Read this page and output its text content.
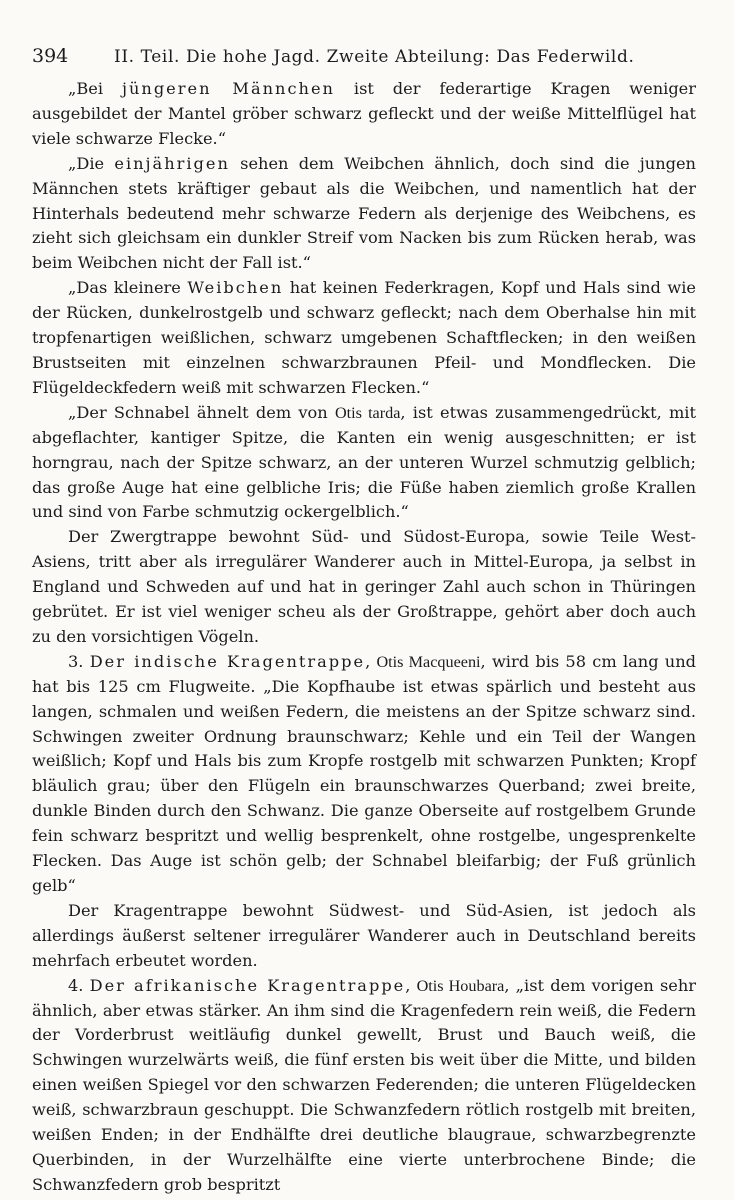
394	II. Teil. Die hohe Jagd. Zweite Abteilung: Das Federwild.

„Bei jüngeren Männchen ist der federartige Kragen weniger ausgebildet der Mantel gröber schwarz gefleckt und der weiße Mittelflügel hat viele schwarze Flecke.“

„Die einjährigen sehen dem Weibchen ähnlich, doch sind die jungen Männchen stets kräftiger gebaut als die Weibchen, und namentlich hat der Hinterhals bedeutend mehr schwarze Federn als derjenige des Weibchens, es zieht sich gleichsam ein dunkler Streif vom Nacken bis zum Rücken herab, was beim Weibchen nicht der Fall ist.“

„Das kleinere Weibchen hat keinen Federkragen, Kopf und Hals sind wie der Rücken, dunkelrostgelb und schwarz gefleckt; nach dem Oberhalse hin mit tropfenartigen weißlichen, schwarz umgebenen Schaftflecken; in den weißen Brustseiten mit einzelnen schwarzbraunen Pfeil- und Mondflecken. Die Flügeldeckfedern weiß mit schwarzen Flecken.“

„Der Schnabel ähnelt dem von Otis tarda, ist etwas zusammengedrückt, mit abgeflachter, kantiger Spitze, die Kanten ein wenig ausgeschnitten; er ist horngrau, nach der Spitze schwarz, an der unteren Wurzel schmutzig gelblich; das große Auge hat eine gelbliche Iris; die Füße haben ziemlich große Krallen und sind von Farbe schmutzig ockergelblich.“

Der Zwergtrappe bewohnt Süd- und Südost-Europa, sowie Teile West-Asiens, tritt aber als irregulärer Wanderer auch in Mittel-Europa, ja selbst in England und Schweden auf und hat in geringer Zahl auch schon in Thüringen gebrütet. Er ist viel weniger scheu als der Großtrappe, gehört aber doch auch zu den vorsichtigen Vögeln.

3. Der indische Kragentrappe, Otis Macqueeni, wird bis 58 cm lang und hat bis 125 cm Flugweite. „Die Kopfhaube ist etwas spärlich und besteht aus langen, schmalen und weißen Federn, die meistens an der Spitze schwarz sind. Schwingen zweiter Ordnung braunschwarz; Kehle und ein Teil der Wangen weißlich; Kopf und Hals bis zum Kropfe rostgelb mit schwarzen Punkten; Kropf bläulich grau; über den Flügeln ein braunschwarzes Querband; zwei breite, dunkle Binden durch den Schwanz. Die ganze Oberseite auf rostgelbem Grunde fein schwarz bespritzt und wellig besprenkelt, ohne rostgelbe, ungesprenkelte Flecken. Das Auge ist schön gelb; der Schnabel bleifarbig; der Fuß grünlich gelb“

Der Kragentrappe bewohnt Südwest- und Süd-Asien, ist jedoch als allerdings äußerst seltener irregulärer Wanderer auch in Deutschland bereits mehrfach erbeutet worden.

4. Der afrikanische Kragentrappe, Otis Houbara, „ist dem vorigen sehr ähnlich, aber etwas stärker. An ihm sind die Kragenfedern rein weiß, die Federn der Vorderbrust weitläufig dunkel gewellt, Brust und Bauch weiß, die Schwingen wurzelwärts weiß, die fünf ersten bis weit über die Mitte, und bilden einen weißen Spiegel vor den schwarzen Federenden; die unteren Flügeldecken weiß, schwarzbraun geschuppt. Die Schwanzfedern rötlich rostgelb mit breiten, weißen Enden; in der Endhälfte drei deutliche blaugraue, schwarzbegrenzte Querbinden, in der Wurzelhälfte eine vierte unterbrochene Binde; die Schwanzfedern grob bespritzt
